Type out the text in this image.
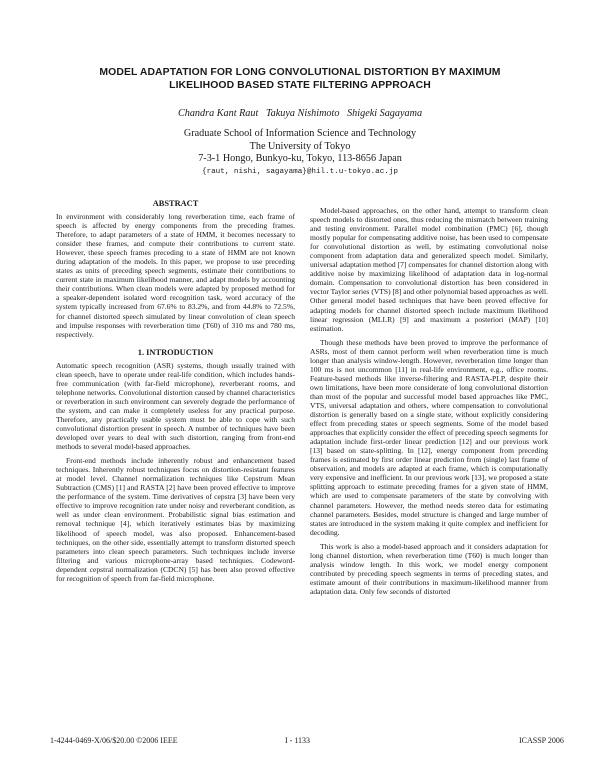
MODEL ADAPTATION FOR LONG CONVOLUTIONAL DISTORTION BY MAXIMUM
LIKELIHOOD BASED STATE FILTERING APPROACH
Chandra Kant Raut   Takuya Nishimoto   Shigeki Sagayama
Graduate School of Information Science and Technology
The University of Tokyo
7-3-1 Hongo, Bunkyo-ku, Tokyo, 113-8656 Japan
{raut, nishi, sagayama}@hil.t.u-tokyo.ac.jp
ABSTRACT

In environment with considerably long reverberation time, each frame of speech is affected by energy components from the preceding frames. Therefore, to adapt parameters of a state of HMM, it becomes necessary to consider these frames, and compute their contributions to current state. However, these speech frames preceding to a state of HMM are not known during adaptation of the models. In this paper, we propose to use preceding states as units of preceding speech segments, estimate their contributions to current state in maximum likelihood manner, and adapt models by accounting their contributions. When clean models were adapted by proposed method for a speaker-dependent isolated word recognition task, word accuracy of the system typically increased from 67.6% to 83.2%, and from 44.8% to 72.5%, for channel distorted speech simulated by linear convolution of clean speech and impulse responses with reverberation time (T60) of 310 ms and 780 ms, respectively.

1. INTRODUCTION

Automatic speech recognition (ASR) systems, though usually trained with clean speech, have to operate under real-life condition, which includes hands-free communication (with far-field microphone), reverberant rooms, and telephone networks. Convolutional distortion caused by channel characteristics or reverberation in such environment can severely degrade the performance of the system, and can make it completely useless for any practical purpose. Therefore, any practically usable system must be able to cope with such convolutional distortion present in speech. A number of techniques have been developed over years to deal with such distortion, ranging from front-end methods to several model-based approaches.

Front-end methods include inherently robust and enhancement based techniques. Inherently robust techniques focus on distortion-resistant features at model level. Channel normalization techniques like Cepstrum Mean Subtraction (CMS) [1] and RASTA [2] have been proved effective to improve the performance of the system. Time derivatives of cepstra [3] have been very effective to improve recognition rate under noisy and reverberant condition, as well as under clean environment. Probabilistic signal bias estimation and removal technique [4], which iteratively estimates bias by maximizing likelihood of speech model, was also proposed. Enhancement-based techniques, on the other side, essentially attempt to transform distorted speech parameters into clean speech parameters. Such techniques include inverse filtering and various microphone-array based techniques. Codeword-dependent cepstral normalization (CDCN) [5] has been also proved effective for recognition of speech from far-field microphone.

Model-based approaches, on the other hand, attempt to transform clean speech models to distorted ones, thus reducing the mismatch between training and testing environment. Parallel model combination (PMC) [6], though mostly popular for compensating additive noise, has been used to compensate for convolutional distortion as well, by estimating convolutional noise component from adaptation data and generalized speech model. Similarly, universal adaptation method [7] compensates for channel distortion along with additive noise by maximizing likelihood of adaptation data in log-normal domain. Compensation to convolutional distortion has been considered in vector Taylor series (VTS) [8] and other polynomial based approaches as well. Other general model based techniques that have been proved effective for adapting models for channel distorted speech include maximum likelihood linear regression (MLLR) [9] and maximum a posteriori (MAP) [10] estimation.

Though these methods have been proved to improve the performance of ASRs, most of them cannot perform well when reverberation time is much longer than analysis window-length. However, reverberation time longer than 100 ms is not uncommon [11] in real-life environment, e.g., office rooms. Feature-based methods like inverse-filtering and RASTA-PLP, despite their own limitations, have been more considerate of long convolutional distortion than most of the popular and successful model based approaches like PMC, VTS, universal adaptation and others, where compensation to convolutional distortion is generally based on a single state, without explicitly considering effect from preceding states or speech segments. Some of the model based approaches that explicitly consider the effect of preceding speech segments for adaptation include first-order linear prediction [12] and our previous work [13] based on state-splitting. In [12], energy component from preceding frames is estimated by first order linear prediction from (single) last frame of observation, and models are adapted at each frame, which is computationally very expensive and inefficient. In our previous work [13], we proposed a state splitting approach to estimate preceding frames for a given state of HMM, which are used to compensate parameters of the state by convolving with channel parameters. However, the method needs stereo data for estimating channel parameters. Besides, model structure is changed and large number of states are introduced in the system making it quite complex and inefficient for decoding.

This work is also a model-based approach and it considers adaptation for long channel distortion, when reverberation time (T60) is much longer than analysis window length. In this work, we model energy component contributed by preceding speech segments in terms of preceding states, and estimate amount of their contributions in maximum-likelihood manner from adaptation data. Only few seconds of distorted

1-4244-0469-X/06/$20.00 ©2006 IEEE	I - 1133	ICASSP 2006
